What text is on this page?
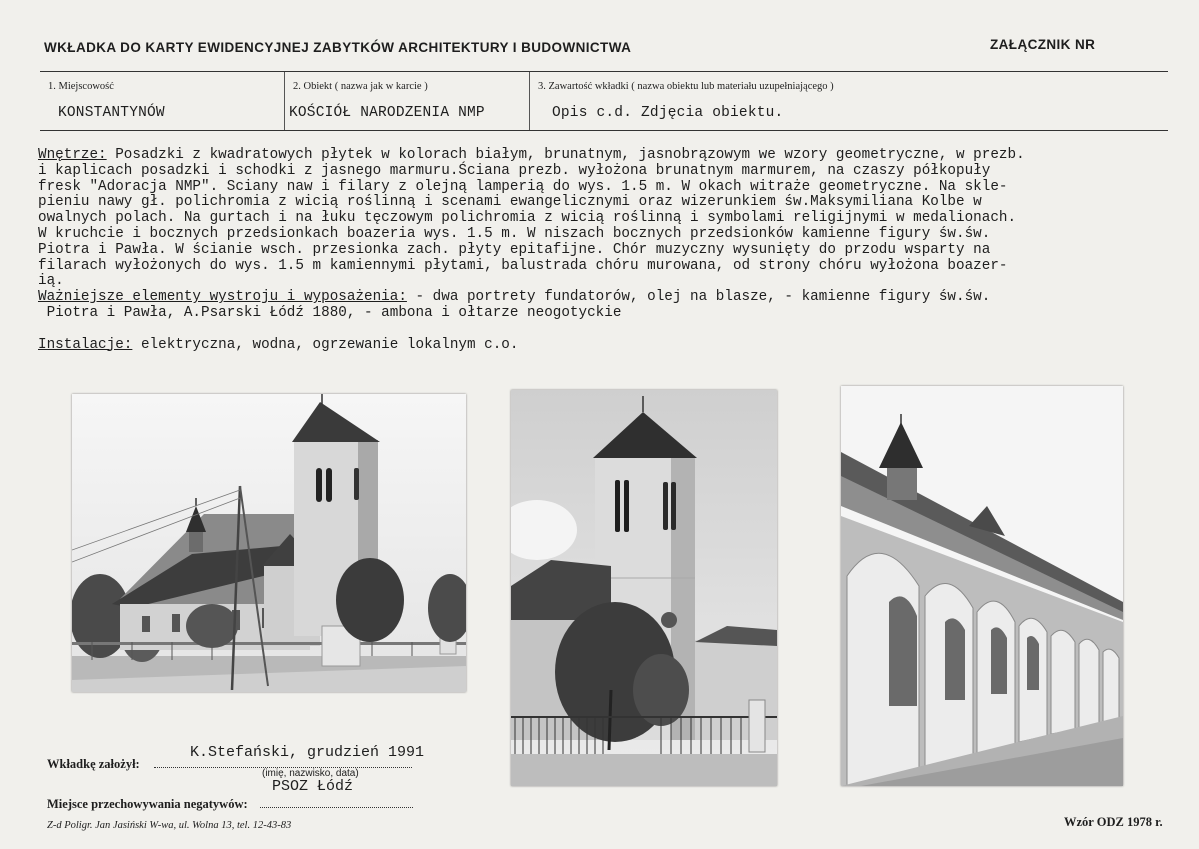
WKŁADKA DO KARTY EWIDENCYJNEJ ZABYTKÓW ARCHITEKTURY I BUDOWNICTWA	ZAŁĄCZNIK NR
1. Miejscowość
KONSTANTYNÓW
2. Obiekt ( nazwa jak w karcie )
KOŚCIÓŁ NARODZENIA NMP
3. Zawartość wkładki ( nazwa obiektu lub materiału uzupełniającego )
Opis c.d. Zdjęcia obiektu.
Wnętrze: Posadzki z kwadratowych płytek w kolorach białym, brunatnym, jasnobrązowym we wzory geometryczne, w prezb.
i kaplicach posadzki i schodki z jasnego marmuru.Ściana prezb. wyłożona brunatnym marmurem, na czaszy półkopuły
fresk "Adoracja NMP". Sciany naw i filary z olejną lamperią do wys. 1.5 m. W okach witraże geometryczne. Na sklе-
pieniu nawy gł. polichromia z wicią roślinną i scenami ewangelicznymi oraz wizerunkiem św.Maksymiliana Kolbe w
owalnych polach. Na gurtach i na łuku tęczowym polichromia z wicią roślinną i symbolami religijnymi w medalionach.
W kruchcie i bocznych przedsionkach boazeria wys. 1.5 m. W niszach bocznych przedsionków kamienne figury św.św.
Piotra i Pawła. W ścianie wsch. przesionka zach. płyty epitafijne. Chór muzyczny wysunięty do przodu wsparty na
filarach wyłożonych do wys. 1.5 m kamiennymi płytami, balustrada chóru murowana, od strony chóru wyłożona boazer-
ią.
Ważniejsze elementy wystroju i wyposażenia: - dwa portrety fundatorów, olej na blasze, - kamienne figury św.św.
Piotra i Pawła, A.Psarski Łódź 1880, - ambona i ołtarze neogotyckie

Instalacje: elektryczna, wodna, ogrzewanie lokalnym c.o.
Wkładkę założył:
K.Stefański, grudzień 1991
(imię, nazwisko, data)
Miejsce przechowywania negatywów:
PSOZ Łódź
Z-d Poligr. Jan Jasiński W-wa, ul. Wolna 13, tel. 12-43-83	Wzór ODZ 1978 r.
